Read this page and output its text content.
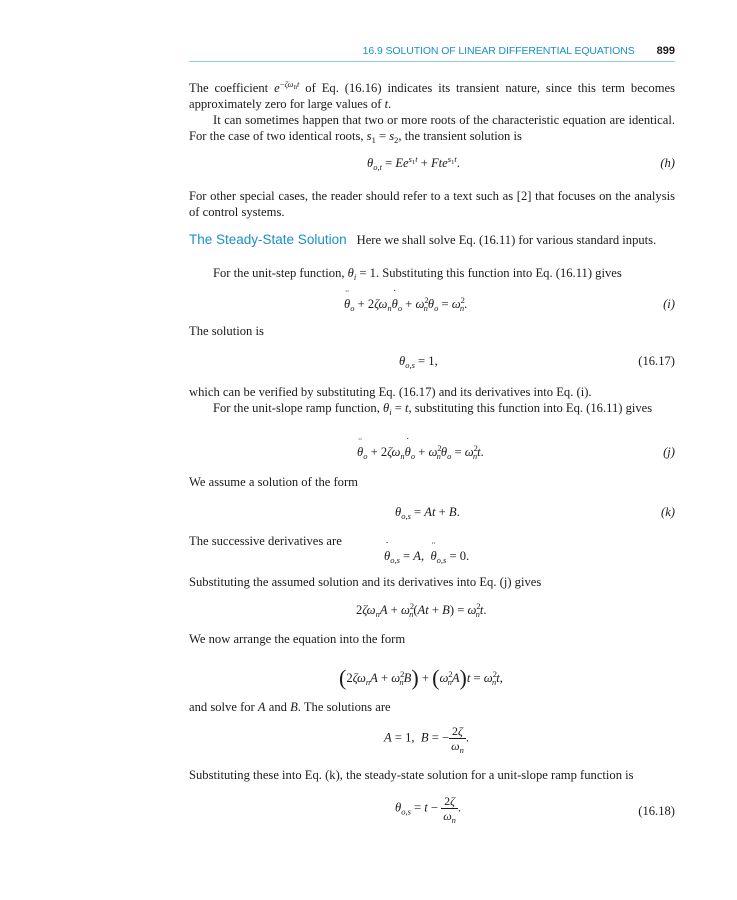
16.9 SOLUTION OF LINEAR DIFFERENTIAL EQUATIONS 899
The coefficient $e^{-\zeta\omega_nt}$ of Eq. (16.16) indicates its transient nature, since this term becomes approximately zero for large values of t.
It can sometimes happen that two or more roots of the characteristic equation are identical. For the case of two identical roots, $s_1 = s_2$, the transient solution is
$\theta_{o,t} = Ee^{s_1t} + Fte^{s_1t}$.	(h)
For other special cases, the reader should refer to a text such as [2] that focuses on the analysis of control systems.
The Steady-State Solution Here we shall solve Eq. (16.11) for various standard inputs.
For the unit-step function, $\theta_i = 1$. Substituting this function into Eq. (16.11) gives
θ
¨
$_o + 2\zeta\omega_n\theta$
˙
$_o + \omega^2_n\theta_o = \omega^2_n$.	(i)
The solution is
$\theta_{o,s} = 1$,	(16.17)
which can be verified by substituting Eq. (16.17) and its derivatives into Eq. (i).
For the unit-slope ramp function, $\theta_i = t$, substituting this function into Eq. (16.11) gives
θ
¨
$_o + 2\zeta\omega_n\theta$
˙
$_o + \omega^2_n\theta_o = \omega^2_nt$.	(j)
We assume a solution of the form
$\theta_{o,s} = At + B$.	(k)
The successive derivatives are
θ
˙
$_{o,s}$ = A,  θ
¨
$_{o,s}$ = 0.
Substituting the assumed solution and its derivatives into Eq. (j) gives
$2\zeta\omega_nA + \omega^2_n(At + B) = \omega^2_nt$.
We now arrange the equation into the form
$(2\zeta\omega_nA + \omega^2_nB) + (\omega^2_nA)t = \omega^2_nt$,
and solve for A and B. The solutions are
A = 1,  B = − $\frac{2\zeta}{\omega_n}$ .
Substituting these into Eq. (k), the steady-state solution for a unit-slope ramp function is
$\theta_{o,s} = t - \frac{2\zeta}{\omega_n}$ .	(16.18)
